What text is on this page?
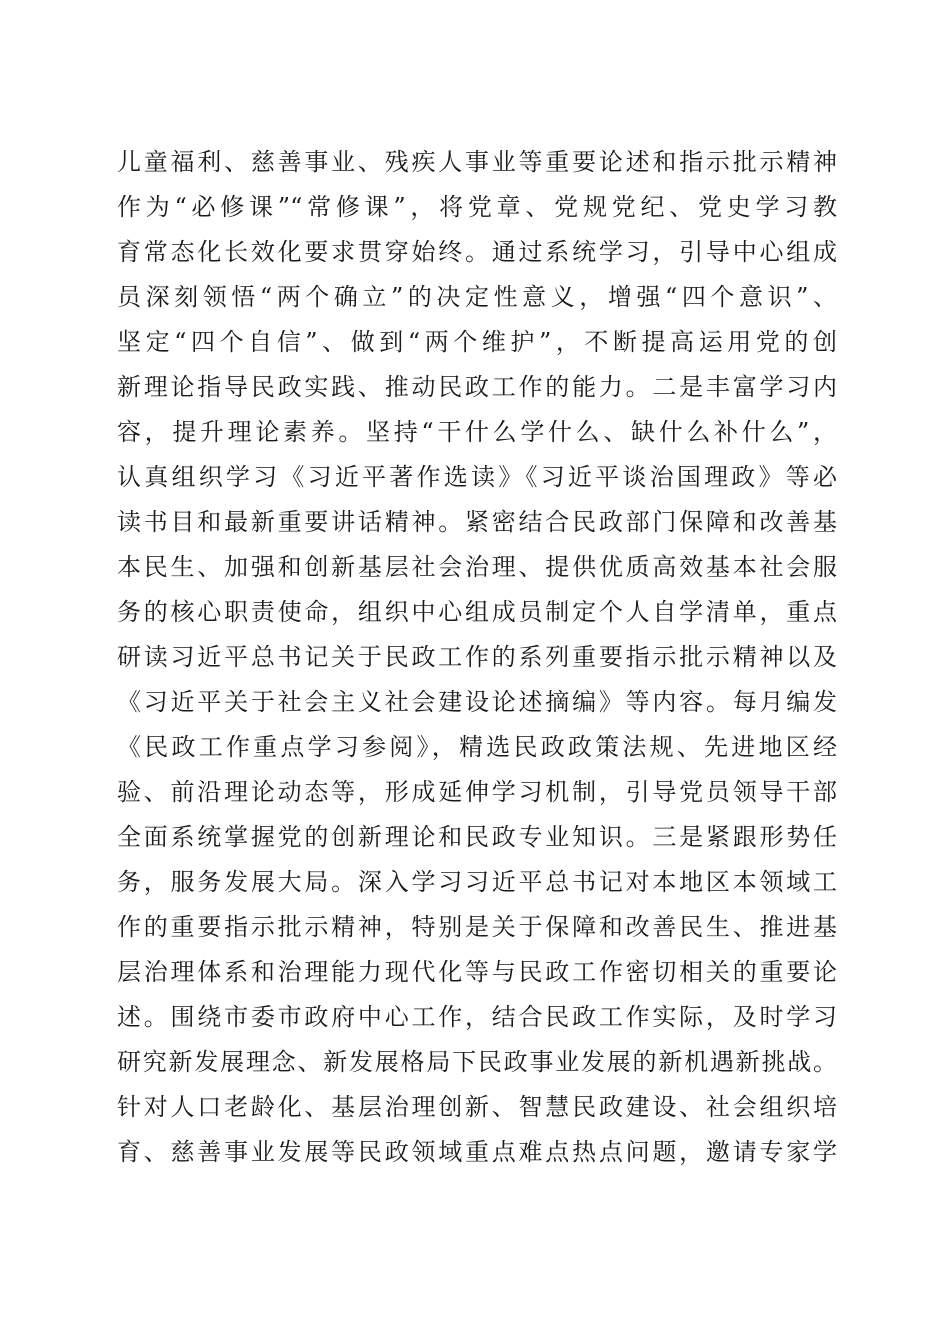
儿童福利、慈善事业、残疾人事业等重要论述和指示批示精神
作为“必修课”“常修课”，将党章、党规党纪、党史学习教
育常态化长效化要求贯穿始终。通过系统学习，引导中心组成
员深刻领悟“两个确立”的决定性意义，增强“四个意识”、
坚定“四个自信”、做到“两个维护”，不断提高运用党的创
新理论指导民政实践、推动民政工作的能力。二是丰富学习内
容，提升理论素养。坚持“干什么学什么、缺什么补什么”，
认真组织学习《习近平著作选读》《习近平谈治国理政》等必
读书目和最新重要讲话精神。紧密结合民政部门保障和改善基
本民生、加强和创新基层社会治理、提供优质高效基本社会服
务的核心职责使命，组织中心组成员制定个人自学清单，重点
研读习近平总书记关于民政工作的系列重要指示批示精神以及
《习近平关于社会主义社会建设论述摘编》等内容。每月编发
《民政工作重点学习参阅》，精选民政政策法规、先进地区经
验、前沿理论动态等，形成延伸学习机制，引导党员领导干部
全面系统掌握党的创新理论和民政专业知识。三是紧跟形势任
务，服务发展大局。深入学习习近平总书记对本地区本领域工
作的重要指示批示精神，特别是关于保障和改善民生、推进基
层治理体系和治理能力现代化等与民政工作密切相关的重要论
述。围绕市委市政府中心工作，结合民政工作实际，及时学习
研究新发展理念、新发展格局下民政事业发展的新机遇新挑战。
针对人口老龄化、基层治理创新、智慧民政建设、社会组织培
育、慈善事业发展等民政领域重点难点热点问题，邀请专家学
